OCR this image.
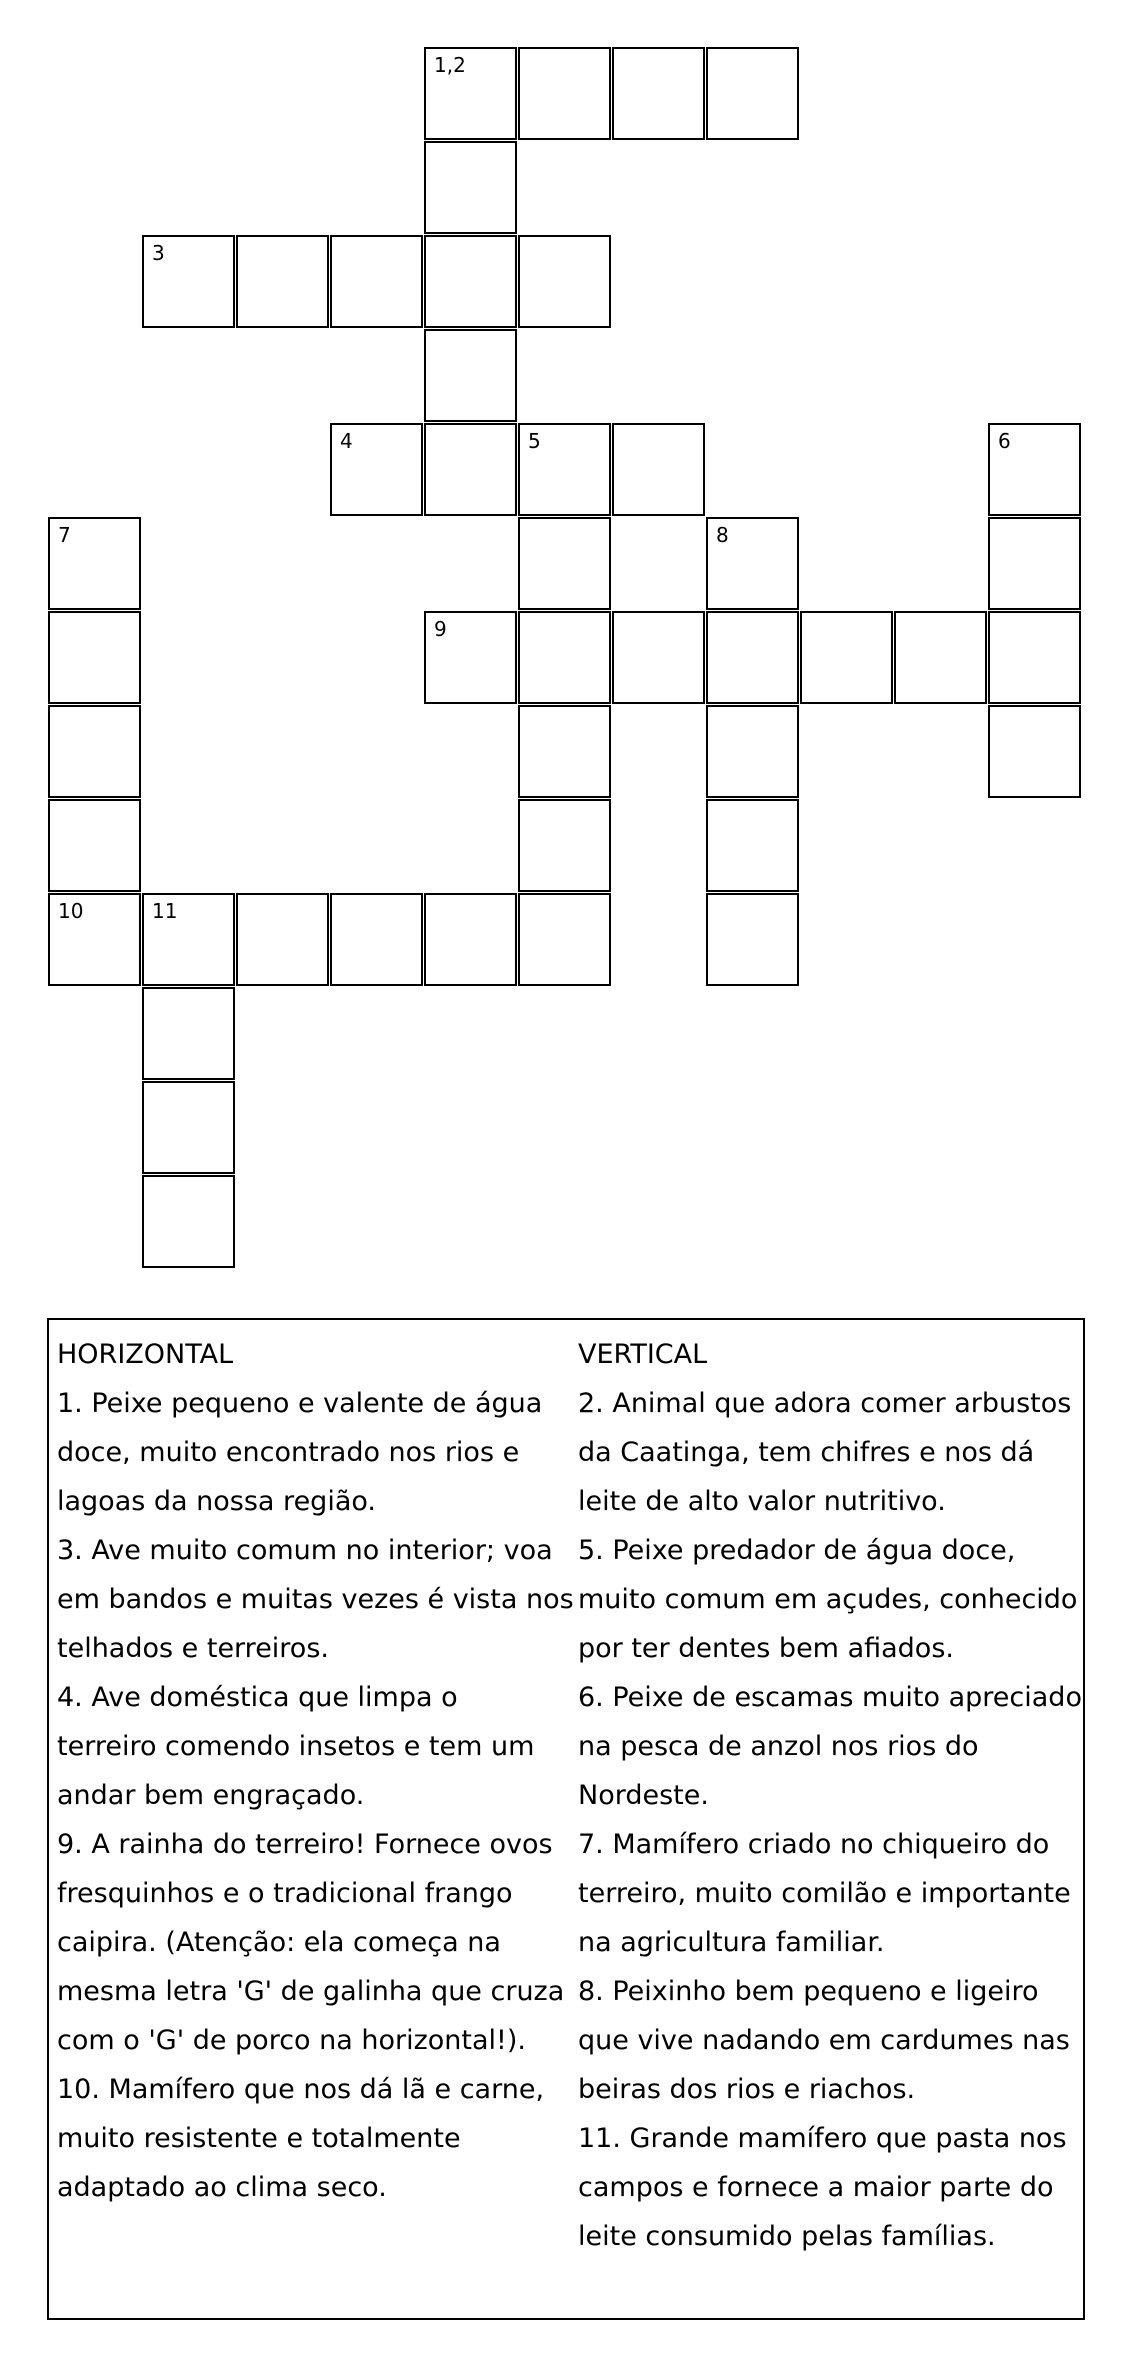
1,2
3
4	5	6
7	8
9
10	11
HORIZONTAL
1. Peixe pequeno e valente de água
doce, muito encontrado nos rios e
lagoas da nossa região.
3. Ave muito comum no interior; voa
em bandos e muitas vezes é vista nos
telhados e terreiros.
4. Ave doméstica que limpa o
terreiro comendo insetos e tem um
andar bem engraçado.
9. A rainha do terreiro! Fornece ovos
fresquinhos e o tradicional frango
caipira. (Atenção: ela começa na
mesma letra 'G' de galinha que cruza
com o 'G' de porco na horizontal!).
10. Mamífero que nos dá lã e carne,
muito resistente e totalmente
adaptado ao clima seco.
VERTICAL
2. Animal que adora comer arbustos
da Caatinga, tem chifres e nos dá
leite de alto valor nutritivo.
5. Peixe predador de água doce,
muito comum em açudes, conhecido
por ter dentes bem afiados.
6. Peixe de escamas muito apreciado
na pesca de anzol nos rios do
Nordeste.
7. Mamífero criado no chiqueiro do
terreiro, muito comilão e importante
na agricultura familiar.
8. Peixinho bem pequeno e ligeiro
que vive nadando em cardumes nas
beiras dos rios e riachos.
11. Grande mamífero que pasta nos
campos e fornece a maior parte do
leite consumido pelas famílias.
